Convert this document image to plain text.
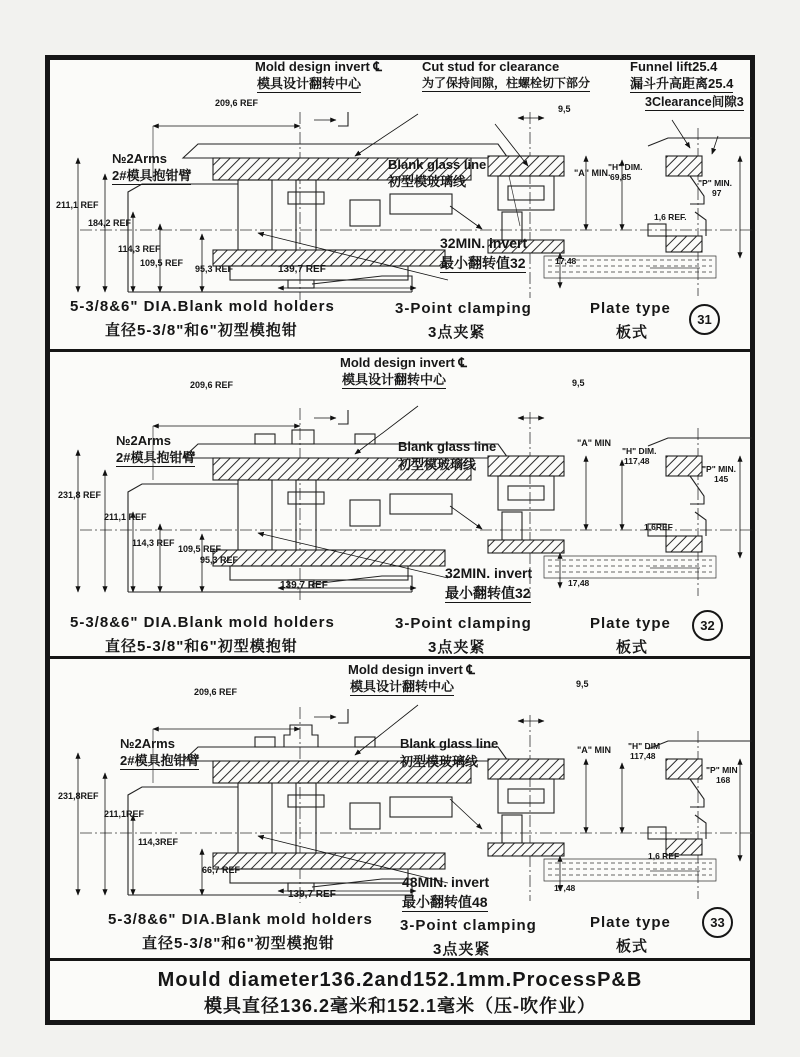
Mold design invert ℄
模具设计翻转中心
Cut stud for clearance
为了保持间隙，柱螺栓切下部分
Funnel lift25.4
漏斗升高距离25.4
3Clearance间隙3
9,5
№2Arms
2#模具抱钳臂
Blank glass line
初型模玻璃线
"A" MIN.
"H" DIM.
69,85
"P" MIN.
97
209,6 REF
211,1 REF
184,2 REF
114,3 REF
109,5 REF
95,3 REF
1,6 REF.
17,48
32MIN. invert
最小翻转值32
139,7 REF
5-3/8&6" DIA.Blank mold holders
直径5-3/8"和6"初型模抱钳
3-Point clamping
3点夹紧
Plate type
板式
31
Mold design invert ℄
模具设计翻转中心
209,6 REF	9,5
№2Arms
2#模具抱钳臂
Blank glass line
初型模玻璃线
"A" MIN
"H" DIM.
117,48
"P" MIN.
145
231,8 REF
211,1 REF
114,3 REF
109,5 REF
95,3 REF
1,6REF
17,48
32MIN. invert
最小翻转值32
139,7 REF
5-3/8&6" DIA.Blank mold holders
直径5-3/8"和6"初型模抱钳
3-Point clamping
3点夹紧
Plate type
板式
32
Mold design invert ℄
模具设计翻转中心
209,6 REF
9,5
№2Arms
2#模具抱钳臂
Blank glass line
初型模玻璃线
"A" MIN "H" DIM
117,48
"P" MIN
168
231,8REF
211,1REF
114,3REF
66,7 REF
1,6 REF
17,48
48MIN. invert
最小翻转值48
139,7 REF
5-3/8&6" DIA.Blank mold holders
直径5-3/8"和6"初型模抱钳
3-Point clamping
3点夹紧
Plate type
板式
33
Mould diameter136.2and152.1mm.ProcessP&B
模具直径136.2毫米和152.1毫米（压-吹作业）
